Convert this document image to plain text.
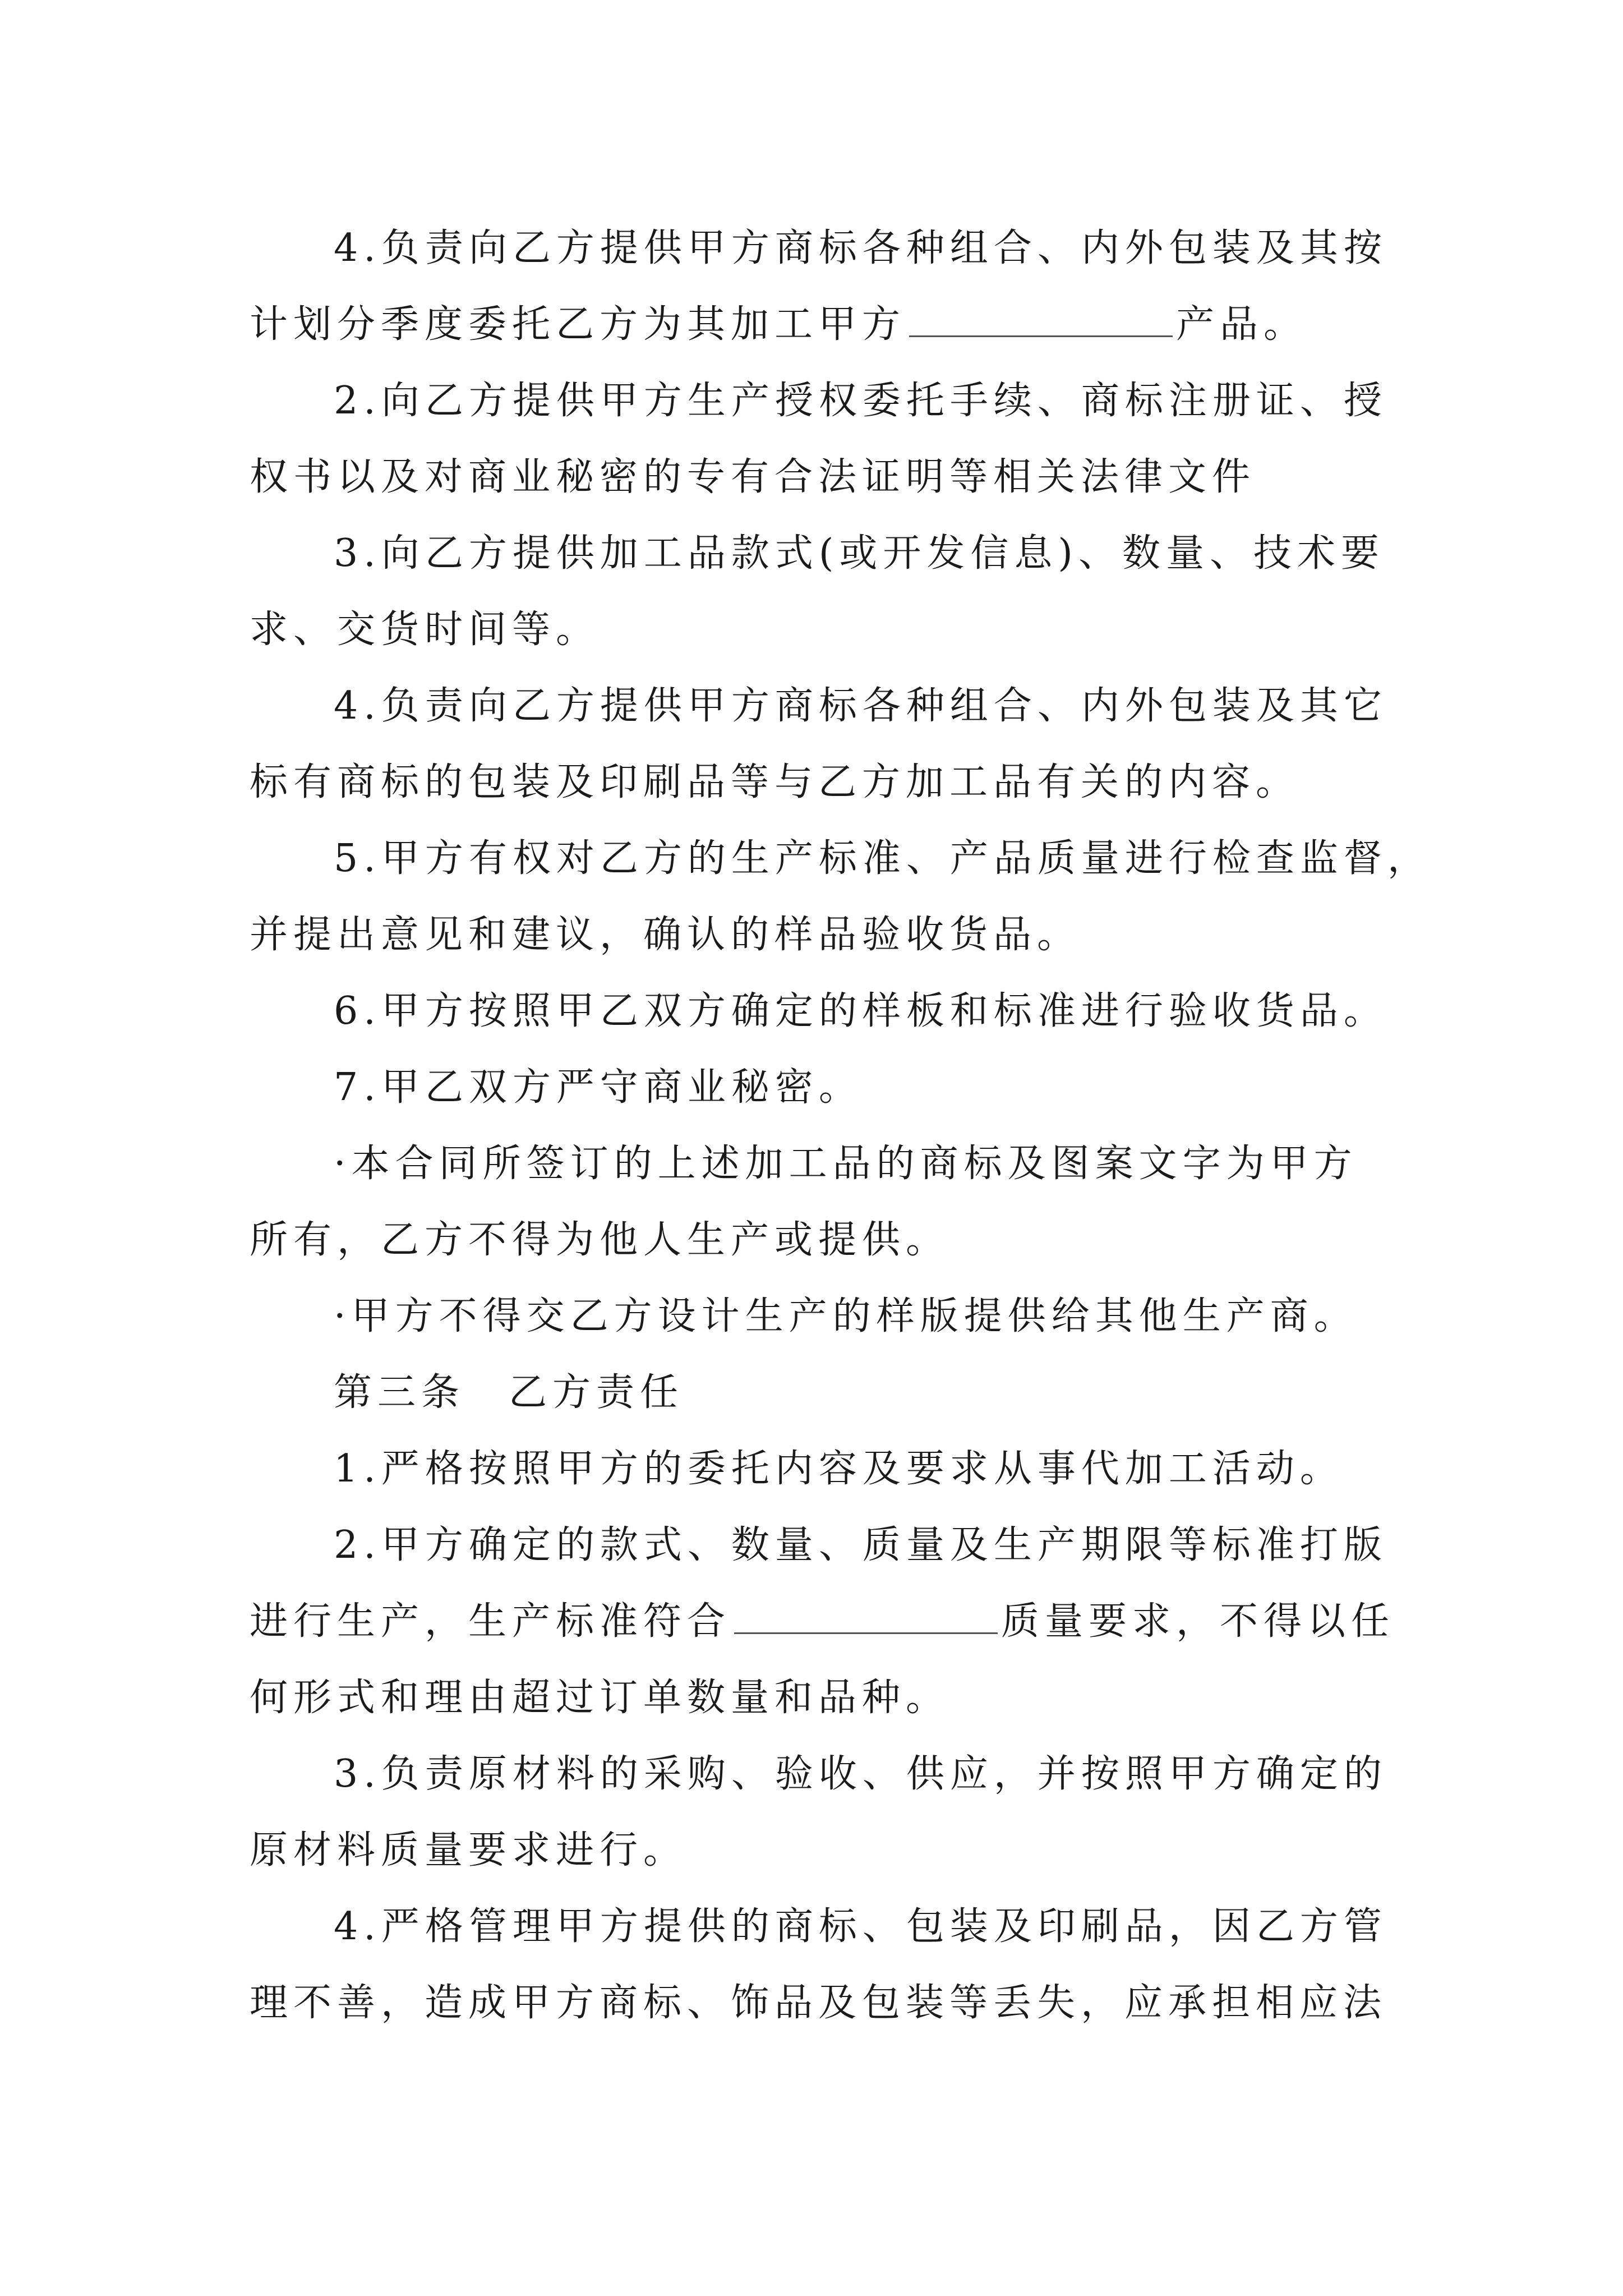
4.负责向乙方提供甲方商标各种组合、内外包装及其按
计划分季度委托乙方为其加工甲方	产品。
2.向乙方提供甲方生产授权委托手续、商标注册证、授
权书以及对商业秘密的专有合法证明等相关法律文件
3.向乙方提供加工品款式(或开发信息)、数量、技术要
求、交货时间等。
4.负责向乙方提供甲方商标各种组合、内外包装及其它
标有商标的包装及印刷品等与乙方加工品有关的内容。
5.甲方有权对乙方的生产标准、产品质量进行检查监督，
并提出意见和建议，确认的样品验收货品。
6.甲方按照甲乙双方确定的样板和标准进行验收货品。
7.甲乙双方严守商业秘密。
·本合同所签订的上述加工品的商标及图案文字为甲方
所有，乙方不得为他人生产或提供。
·甲方不得交乙方设计生产的样版提供给其他生产商。
第三条　乙方责任
1.严格按照甲方的委托内容及要求从事代加工活动。
2.甲方确定的款式、数量、质量及生产期限等标准打版
进行生产，生产标准符合	质量要求，不得以任
何形式和理由超过订单数量和品种。
3.负责原材料的采购、验收、供应，并按照甲方确定的
原材料质量要求进行。
4.严格管理甲方提供的商标、包装及印刷品，因乙方管
理不善，造成甲方商标、饰品及包装等丢失，应承担相应法
